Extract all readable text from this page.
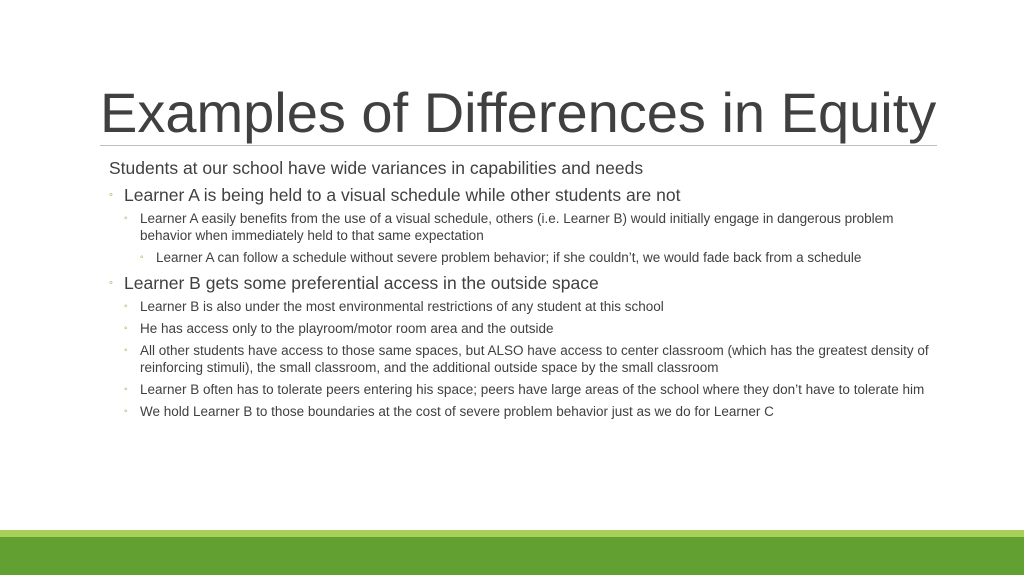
Examples of Differences in Equity

Students at our school have wide variances in capabilities and needs

◦ Learner A is being held to a visual schedule while other students are not

◦ Learner A easily benefits from the use of a visual schedule, others (i.e. Learner B) would initially engage in dangerous problem behavior when immediately held to that same expectation

◦ Learner A can follow a schedule without severe problem behavior; if she couldn’t, we would fade back from a schedule

◦ Learner B gets some preferential access in the outside space

◦ Learner B is also under the most environmental restrictions of any student at this school

◦ He has access only to the playroom/motor room area and the outside

◦ All other students have access to those same spaces, but ALSO have access to center classroom (which has the greatest density of reinforcing stimuli), the small classroom, and the additional outside space by the small classroom

◦ Learner B often has to tolerate peers entering his space; peers have large areas of the school where they don’t have to tolerate him

◦ We hold Learner B to those boundaries at the cost of severe problem behavior just as we do for Learner C
